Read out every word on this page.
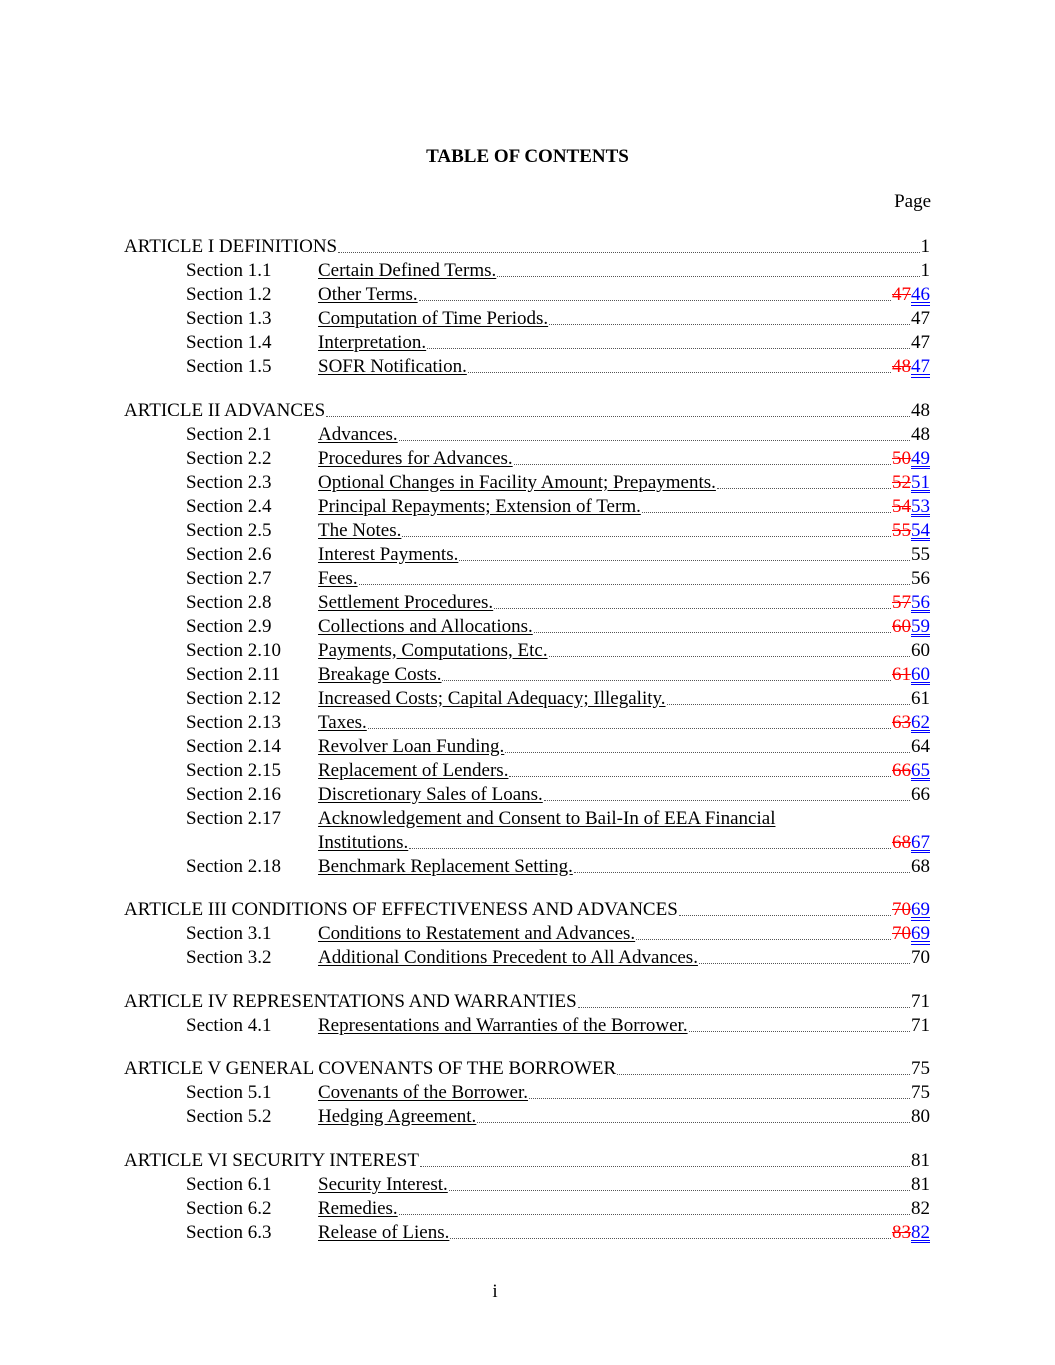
TABLE OF CONTENTS
Page
ARTICLE I DEFINITIONS	1
Section 1.1	Certain Defined Terms.	1
Section 1.2	Other Terms.	4746
Section 1.3	Computation of Time Periods.	47
Section 1.4	Interpretation.	47
Section 1.5	SOFR Notification.	4847
ARTICLE II ADVANCES	48
Section 2.1	Advances.	48
Section 2.2	Procedures for Advances.	5049
Section 2.3	Optional Changes in Facility Amount; Prepayments.	5251
Section 2.4	Principal Repayments; Extension of Term.	5453
Section 2.5	The Notes.	5554
Section 2.6	Interest Payments.	55
Section 2.7	Fees.	56
Section 2.8	Settlement Procedures.	5756
Section 2.9	Collections and Allocations.	6059
Section 2.10	Payments, Computations, Etc.	60
Section 2.11	Breakage Costs.	6160
Section 2.12	Increased Costs; Capital Adequacy; Illegality.	61
Section 2.13	Taxes.	6362
Section 2.14	Revolver Loan Funding.	64
Section 2.15	Replacement of Lenders.	6665
Section 2.16	Discretionary Sales of Loans.	66
Section 2.17	Acknowledgement and Consent to Bail-In of EEA Financial
Institutions.	6867
Section 2.18	Benchmark Replacement Setting.	68
ARTICLE III CONDITIONS OF EFFECTIVENESS AND ADVANCES	7069
Section 3.1	Conditions to Restatement and Advances.	7069
Section 3.2	Additional Conditions Precedent to All Advances.	70
ARTICLE IV REPRESENTATIONS AND WARRANTIES	71
Section 4.1	Representations and Warranties of the Borrower.	71
ARTICLE V GENERAL COVENANTS OF THE BORROWER	75
Section 5.1	Covenants of the Borrower.	75
Section 5.2	Hedging Agreement.	80
ARTICLE VI SECURITY INTEREST	81
Section 6.1	Security Interest.	81
Section 6.2	Remedies.	82
Section 6.3	Release of Liens.	8382
i
